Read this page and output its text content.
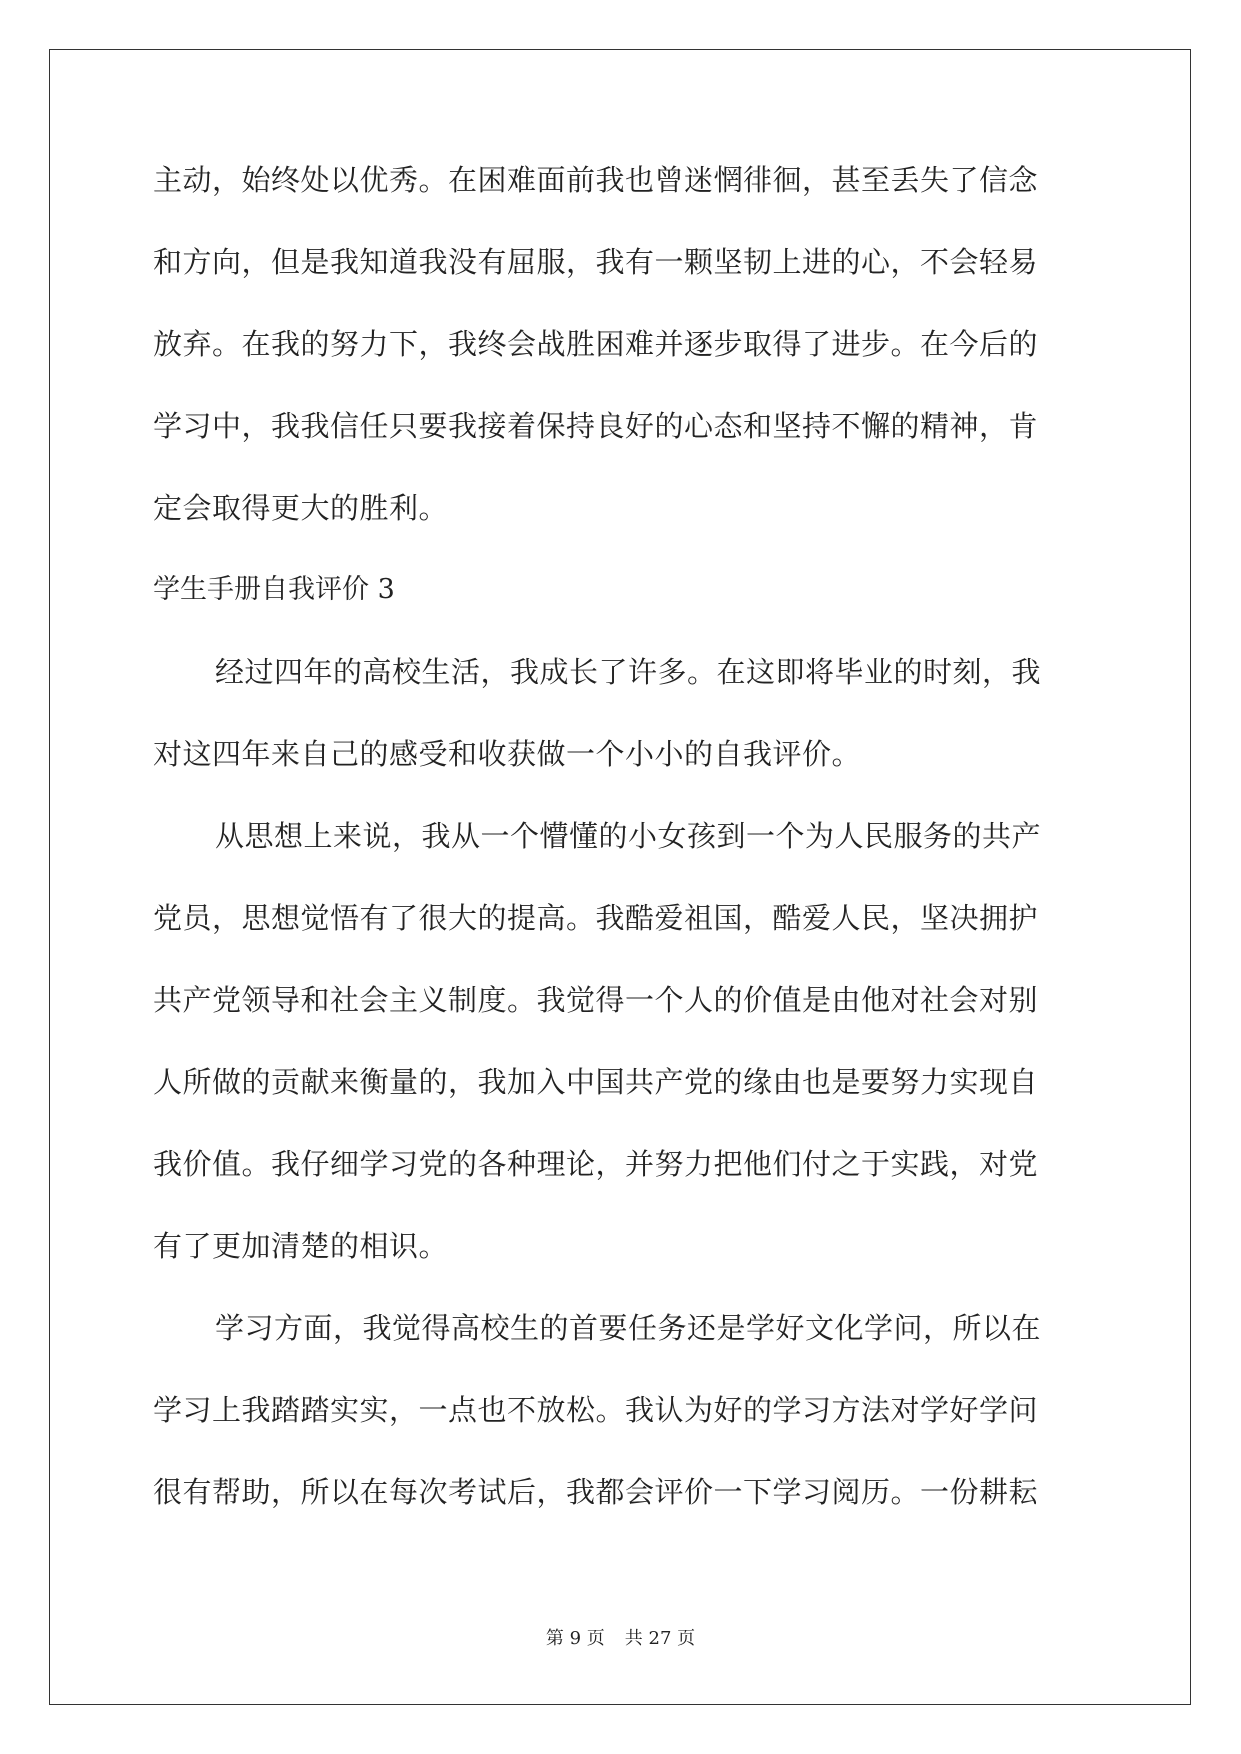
主动，始终处以优秀。在困难面前我也曾迷惘徘徊，甚至丢失了信念
和方向，但是我知道我没有屈服，我有一颗坚韧上进的心，不会轻易
放弃。在我的努力下，我终会战胜困难并逐步取得了进步。在今后的
学习中，我我信任只要我接着保持良好的心态和坚持不懈的精神，肯
定会取得更大的胜利。
学生手册自我评价 3
经过四年的高校生活，我成长了许多。在这即将毕业的时刻，我
对这四年来自己的感受和收获做一个小小的自我评价。
从思想上来说，我从一个懵懂的小女孩到一个为人民服务的共产
党员，思想觉悟有了很大的提高。我酷爱祖国，酷爱人民，坚决拥护
共产党领导和社会主义制度。我觉得一个人的价值是由他对社会对别
人所做的贡献来衡量的，我加入中国共产党的缘由也是要努力实现自
我价值。我仔细学习党的各种理论，并努力把他们付之于实践，对党
有了更加清楚的相识。
学习方面，我觉得高校生的首要任务还是学好文化学问，所以在
学习上我踏踏实实，一点也不放松。我认为好的学习方法对学好学问
很有帮助，所以在每次考试后，我都会评价一下学习阅历。一份耕耘
第 9 页 共 27 页
